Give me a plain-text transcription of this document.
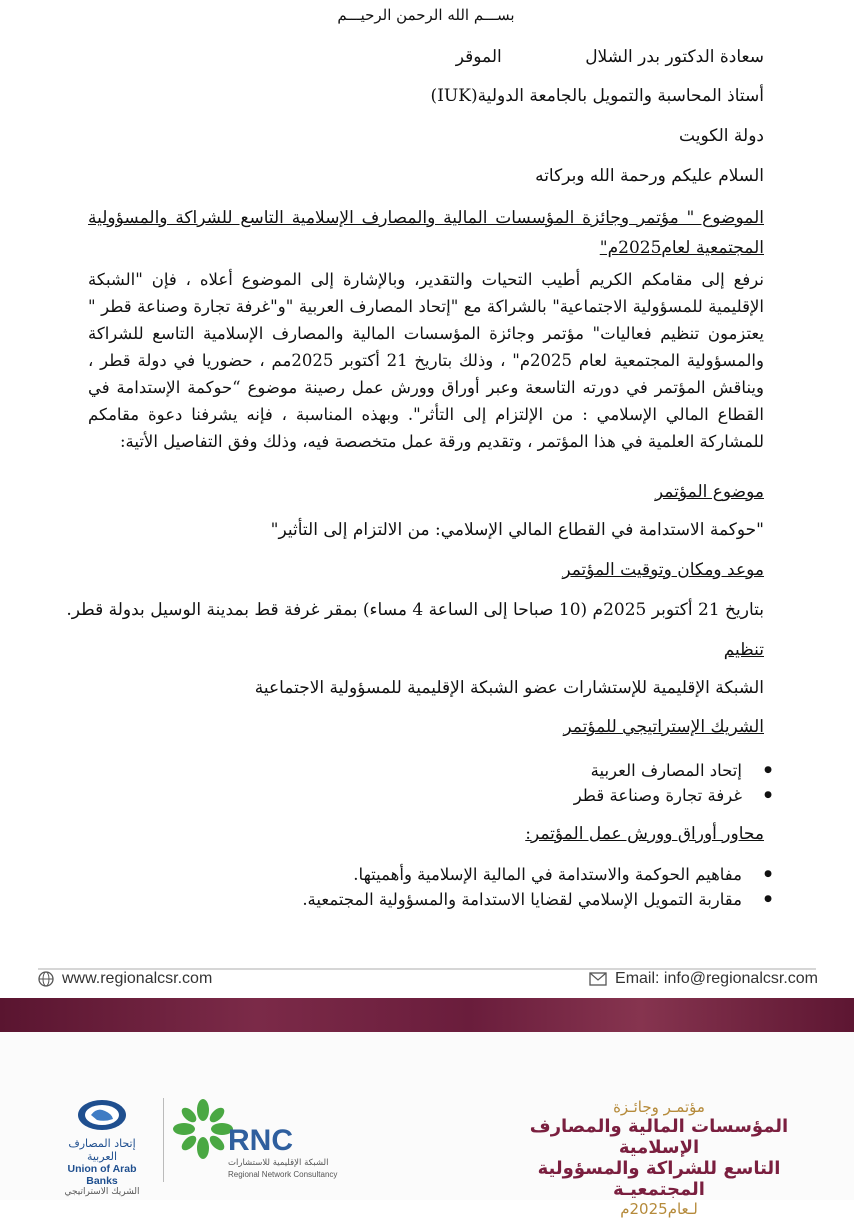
بســـم الله الرحمن الرحيـــم
سعادة الدكتور بدر الشلال الموقر
أستاذ المحاسبة والتمويل بالجامعة الدولية(IUK)
دولة الكويت
السلام عليكم ورحمة الله وبركاته
الموضوع " مؤتمر وجائزة المؤسسات المالية والمصارف الإسلامية التاسع للشراكة والمسؤولية المجتمعية لعام2025م"
نرفع إلى مقامكم الكريم أطيب التحيات والتقدير، وبالإشارة إلى الموضوع أعلاه ، فإن "الشبكة الإقليمية للمسؤولية الاجتماعية" بالشراكة مع "إتحاد المصارف العربية "و"غرفة تجارة وصناعة قطر " يعتزمون تنظيم فعاليات" مؤتمر وجائزة المؤسسات المالية والمصارف الإسلامية التاسع للشراكة والمسؤولية المجتمعية لعام 2025م" ، وذلك بتاريخ 21 أكتوبر 2025مم ، حضوريا في دولة قطر ، ويناقش المؤتمر في دورته التاسعة وعبر أوراق وورش عمل رصينة موضوع “حوكمة الإستدامة في القطاع المالي الإسلامي : من الإلتزام إلى التأثر". وبهذه المناسبة ، فإنه يشرفنا دعوة مقامكم للمشاركة العلمية في هذا المؤتمر ، وتقديم ورقة عمل متخصصة فيه، وذلك وفق التفاصيل الأتية:
موضوع المؤتمر
"حوكمة الاستدامة في القطاع المالي الإسلامي: من الالتزام إلى التأثير"
موعد ومكان وتوقيت المؤتمر
بتاريخ 21 أكتوبر 2025م (10 صباحا إلى الساعة 4 مساء) بمقر غرفة قط بمدينة الوسيل بدولة قطر.
تنظيم
الشبكة الإقليمية للإستشارات عضو الشبكة الإقليمية للمسؤولية الاجتماعية
الشريك الإستراتيجي للمؤتمر
● إتحاد المصارف العربية
● غرفة تجارة وصناعة قطر
محاور أوراق وورش عمل المؤتمر:
● مفاهيم الحوكمة والاستدامة في المالية الإسلامية وأهميتها.
● مقاربة التمويل الإسلامي لقضايا الاستدامة والمسؤولية المجتمعية.
www.regionalcsr.com	Email: info@regionalcsr.com
إتحاد المصارف العربية
Union of Arab Banks
الشريك الاستراتيجي
RNC
الشبكة الإقليمية للاستشارات
Regional Network Consultancy
مؤتمـر وجائـزة
المؤسسات المالية والمصارف الإسلامية
التاسع للشراكة والمسؤولية المجتمعيـة
لـعام2025م
